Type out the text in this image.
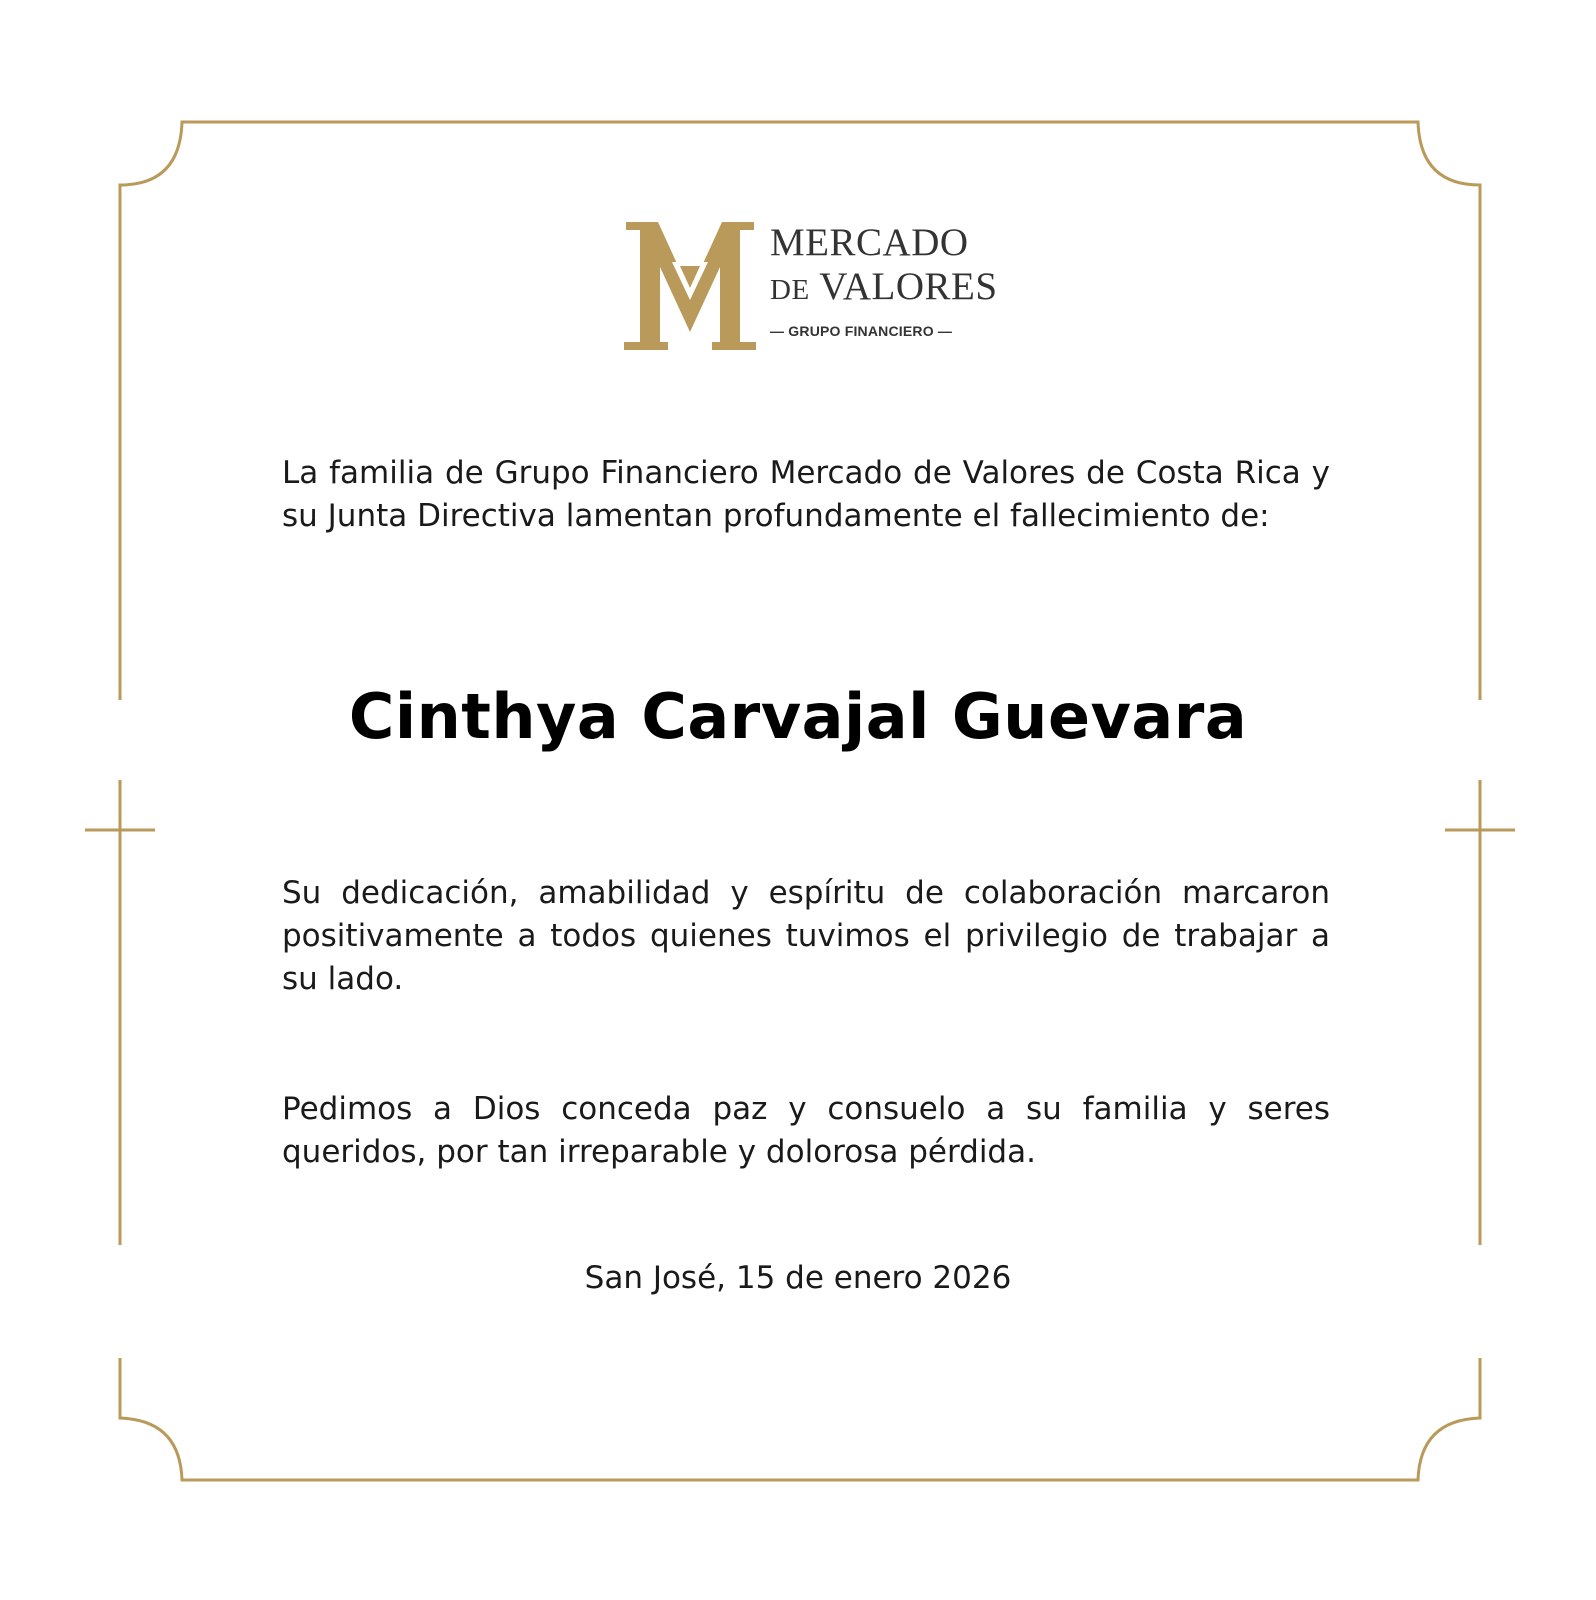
MERCADO
DE VALORES
— GRUPO FINANCIERO —

La familia de Grupo Financiero Mercado de Valores de Costa Rica y su Junta Directiva lamentan profundamente el fallecimiento de:

Cinthya Carvajal Guevara

Su dedicación, amabilidad y espíritu de colaboración marcaron positivamente a todos quienes tuvimos el privilegio de trabajar a su lado.

Pedimos a Dios conceda paz y consuelo a su familia y seres queridos, por tan irreparable y dolorosa pérdida.

San José, 15 de enero 2026
